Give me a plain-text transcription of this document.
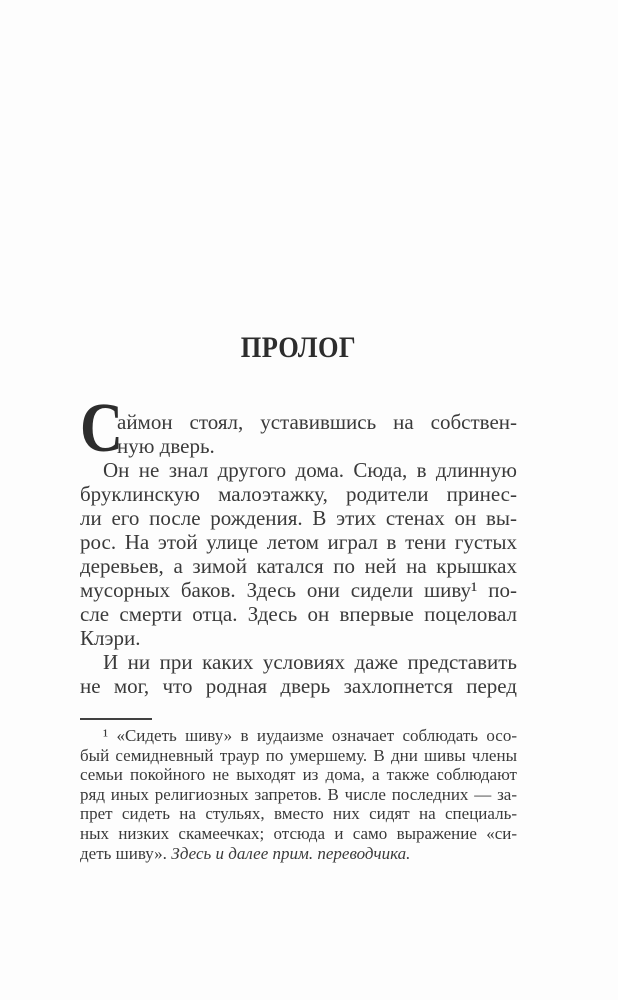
ПРОЛОГ
С
аймон стоял, уставившись на собствен-
ную дверь.
Он не знал другого дома. Сюда, в длинную
бруклинскую малоэтажку, родители принес-
ли его после рождения. В этих стенах он вы-
рос. На этой улице летом играл в тени густых
деревьев, а зимой катался по ней на крышках
мусорных баков. Здесь они сидели шиву¹ по-
сле смерти отца. Здесь он впервые поцеловал
Клэри.
И ни при каких условиях даже представить
не мог, что родная дверь захлопнется перед
¹ «Сидеть шиву» в иудаизме означает соблюдать осо-
бый семидневный траур по умершему. В дни шивы члены
семьи покойного не выходят из дома, а также соблюдают
ряд иных религиозных запретов. В числе последних — за-
прет сидеть на стульях, вместо них сидят на специаль-
ных низких скамеечках; отсюда и само выражение «си-
деть шиву». Здесь и далее прим. переводчика.
